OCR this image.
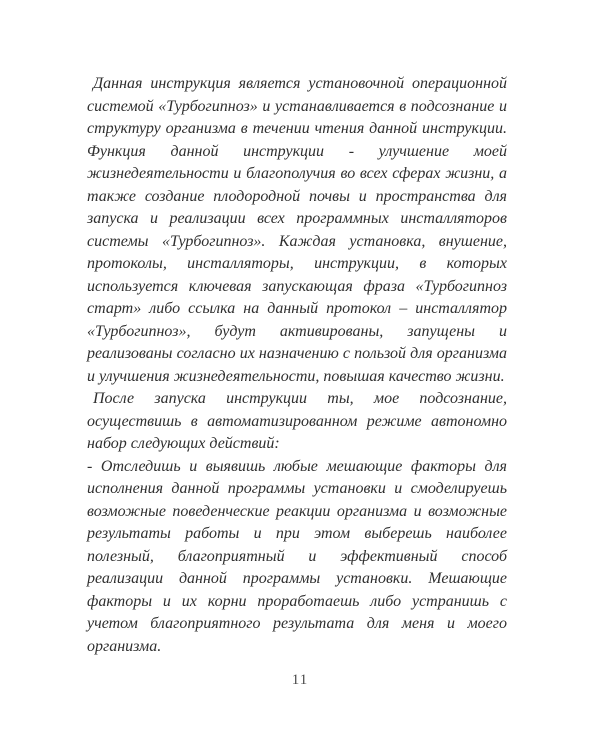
Данная инструкция является установочной операционной системой «Турбогипноз» и устанавливается в подсознание и структуру организма в течении чтения данной инструкции. Функция данной инструкции - улучшение моей жизнедеятельности и благополучия во всех сферах жизни, а также создание плодородной почвы и пространства для запуска и реализации всех программных инсталляторов системы «Турбогипноз». Каждая установка, внушение, протоколы, инсталляторы, инструкции, в которых используется ключевая запускающая фраза «Турбогипноз старт» либо ссылка на данный протокол – инсталлятор «Турбогипноз», будут активированы, запущены и реализованы согласно их назначению с пользой для организма и улучшения жизнедеятельности, повышая качество жизни.

После запуска инструкции ты, мое подсознание, осуществишь в автоматизированном режиме автономно набор следующих действий:

- Отследишь и выявишь любые мешающие факторы для исполнения данной программы установки и смоделируешь возможные поведенческие реакции организма и возможные результаты работы и при этом выберешь наиболее полезный, благоприятный и эффективный способ реализации данной программы установки. Мешающие факторы и их корни проработаешь либо устранишь с учетом благоприятного результата для меня и моего организма.

11
